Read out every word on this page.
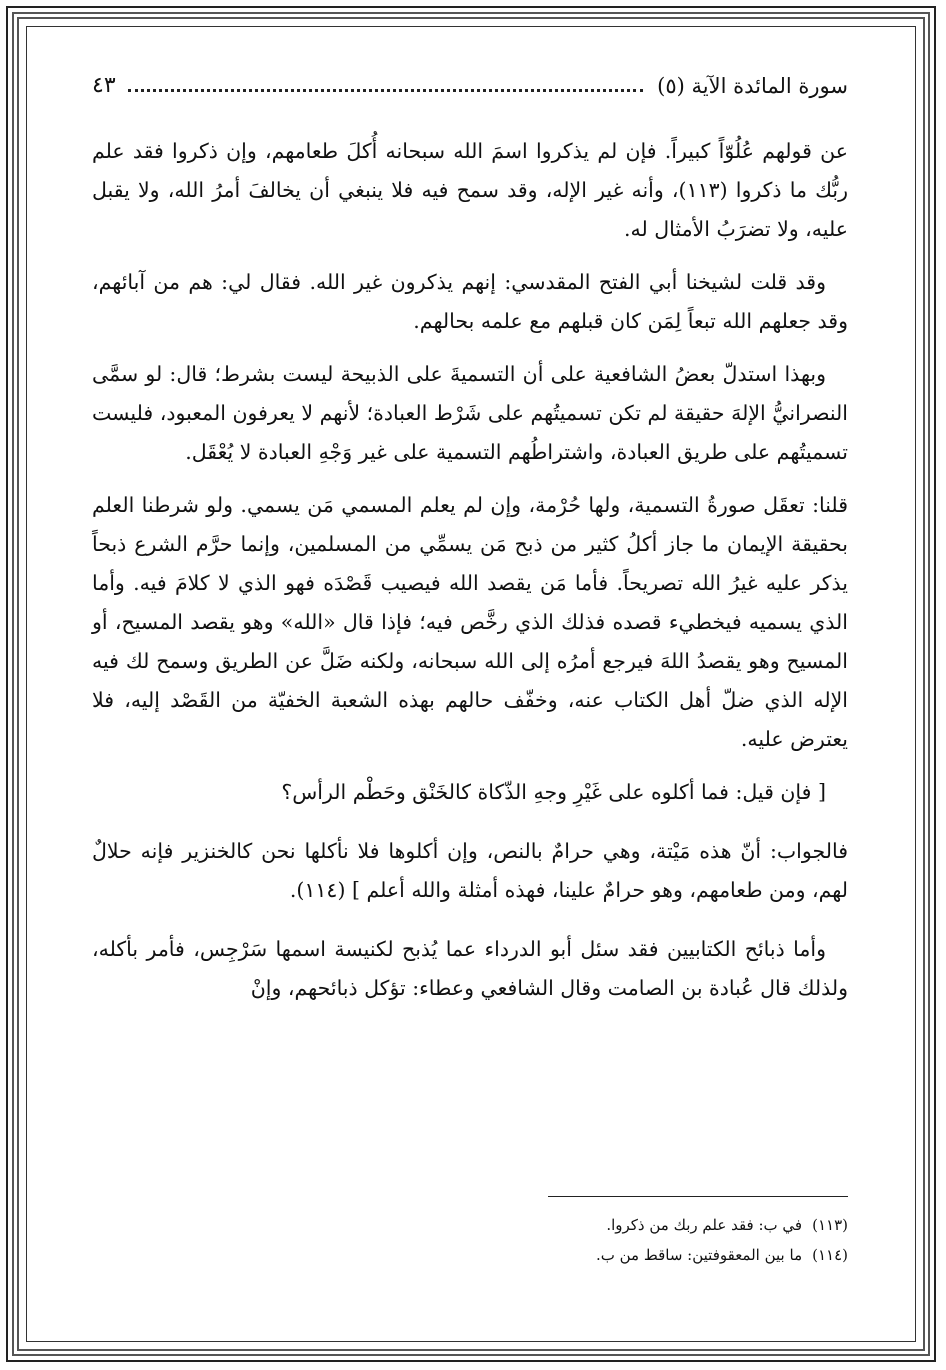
سورة المائدة الآية (٥)
٤٣

عن قولهم عُلُوّاً كبيراً. فإن لم يذكروا اسمَ الله سبحانه أُكلَ طعامهم، وإن ذكروا فقد علم ربُّك ما ذكروا (١١٣)، وأنه غير الإله، وقد سمح فيه فلا ينبغي أن يخالفَ أمرُ الله، ولا يقبل عليه، ولا تضرَبُ الأمثال له.

وقد قلت لشيخنا أبي الفتح المقدسي: إنهم يذكرون غير الله. فقال لي: هم من آبائهم، وقد جعلهم الله تبعاً لِمَن كان قبلهم مع علمه بحالهم.

وبهذا استدلّ بعضُ الشافعية على أن التسميةَ على الذبيحة ليست بشرط؛ قال: لو سمَّى النصرانيُّ الإلهَ حقيقة لم تكن تسميتُهم على شَرْط العبادة؛ لأنهم لا يعرفون المعبود، فليست تسميتُهم على طريق العبادة، واشتراطُهم التسمية على غير وَجْهِ العبادة لا يُعْقَل.

قلنا: تعقَل صورةُ التسمية، ولها حُرْمة، وإن لم يعلم المسمي مَن يسمي. ولو شرطنا العلم بحقيقة الإيمان ما جاز أكلُ كثير من ذبح مَن يسمِّي من المسلمين، وإنما حرَّم الشرع ذبحاً يذكر عليه غيرُ الله تصريحاً. فأما مَن يقصد الله فيصيب قَصْدَه فهو الذي لا كلامَ فيه. وأما الذي يسميه فيخطيء قصده فذلك الذي رخَّص فيه؛ فإذا قال «الله» وهو يقصد المسيح، أو المسيح وهو يقصدُ اللهَ فيرجع أمرُه إلى الله سبحانه، ولكنه ضَلَّ عن الطريق وسمح لك فيه الإله الذي ضلّ أهل الكتاب عنه، وخفّف حالهم بهذه الشعبة الخفيّة من القَصْد إليه، فلا يعترض عليه.

[ فإن قيل: فما أكلوه على غَيْرِ وجهِ الذّكاة كالخَنْق وحَطْم الرأس؟

فالجواب: أنّ هذه مَيْتة، وهي حرامٌ بالنص، وإن أكلوها فلا نأكلها نحن كالخنزير فإنه حلالٌ لهم، ومن طعامهم، وهو حرامٌ علينا، فهذه أمثلة والله أعلم ] (١١٤).

وأما ذبائح الكتابيين فقد سئل أبو الدرداء عما يُذبح لكنيسة اسمها سَرْجِس، فأمر بأكله، ولذلك قال عُبادة بن الصامت وقال الشافعي وعطاء: تؤكل ذبائحهم، وإنْ

(١١٣)
في ب: فقد علم ربك من ذكروا.
(١١٤)
ما بين المعقوفتين: ساقط من ب.
